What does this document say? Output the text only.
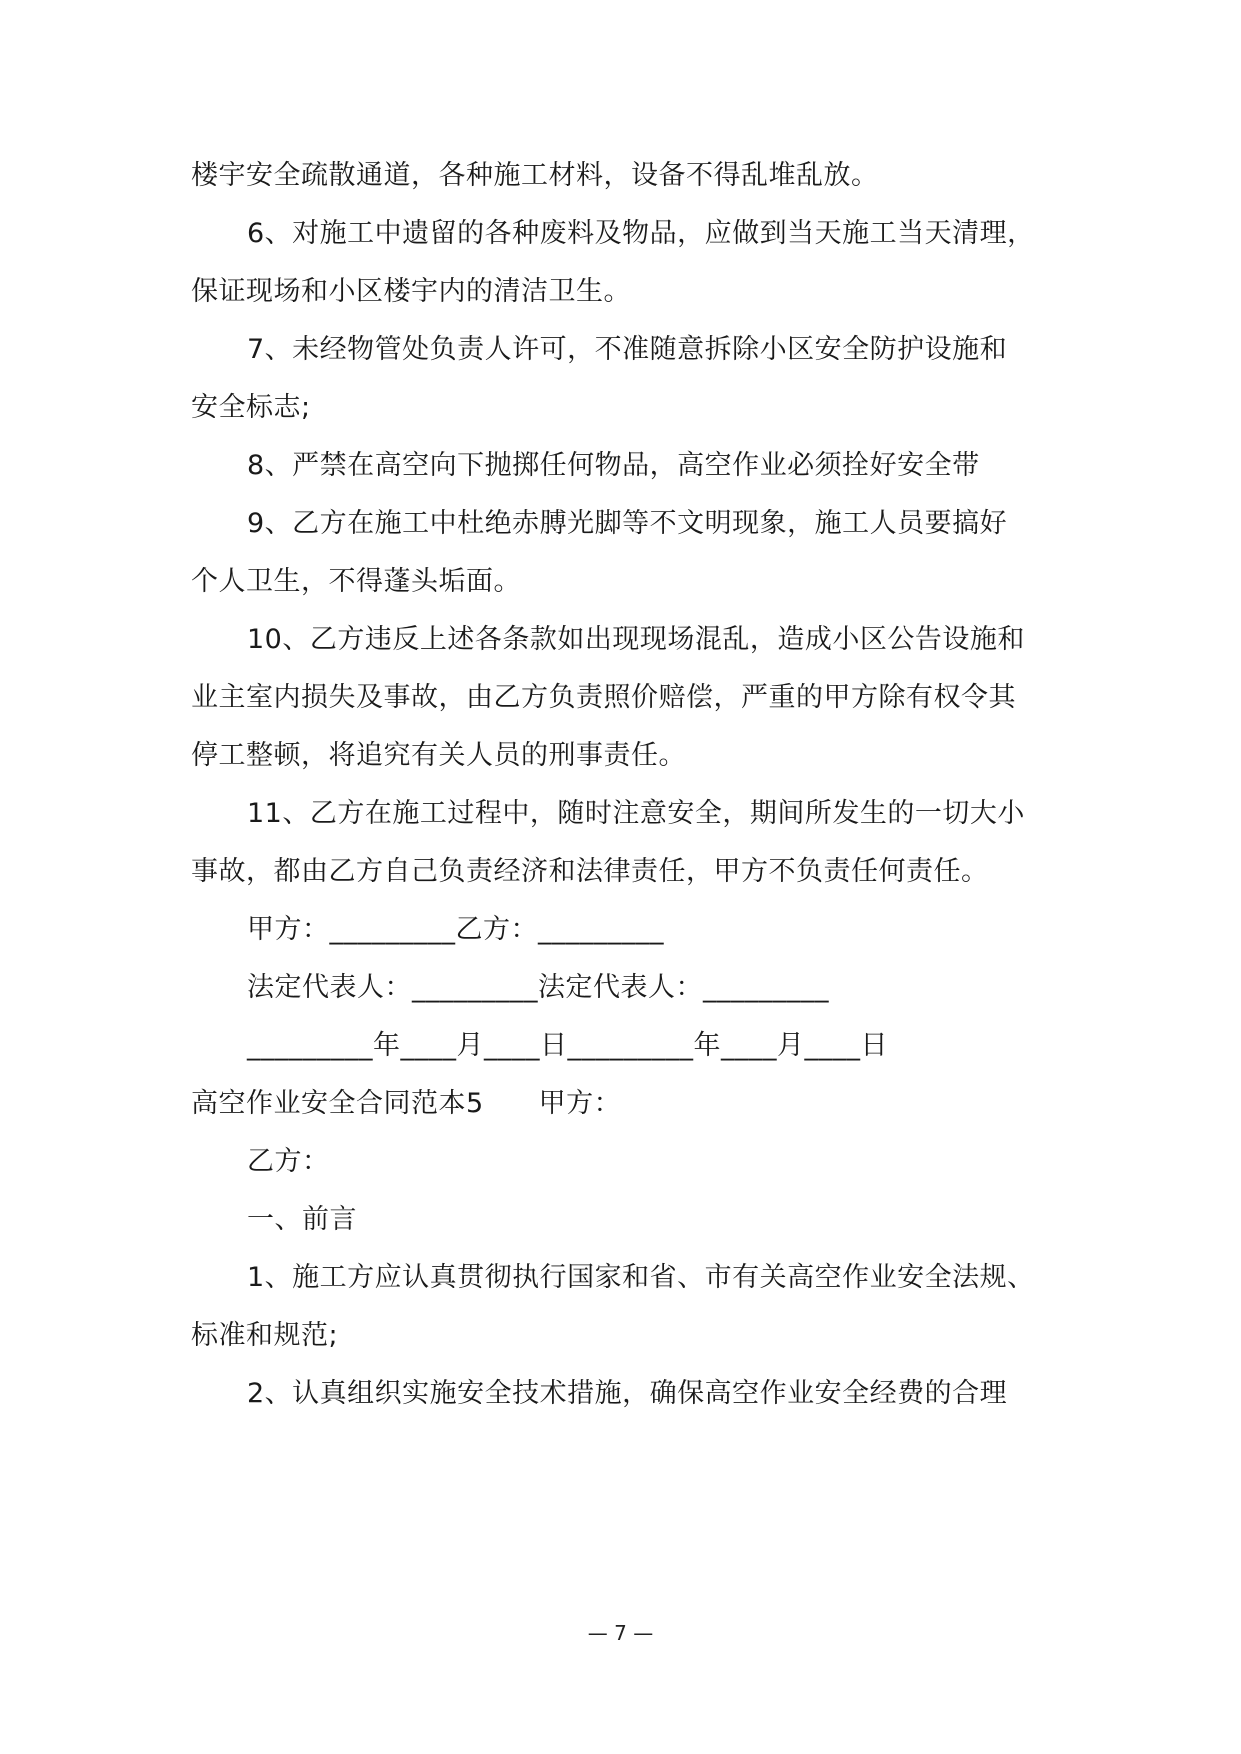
楼宇安全疏散通道，各种施工材料，设备不得乱堆乱放。
6、对施工中遗留的各种废料及物品，应做到当天施工当天清理，
保证现场和小区楼宇内的清洁卫生。
7、未经物管处负责人许可，不准随意拆除小区安全防护设施和
安全标志;
8、严禁在高空向下抛掷任何物品，高空作业必须拴好安全带
9、乙方在施工中杜绝赤膊光脚等不文明现象，施工人员要搞好
个人卫生，不得蓬头垢面。
10、乙方违反上述各条款如出现现场混乱，造成小区公告设施和
业主室内损失及事故，由乙方负责照价赔偿，严重的甲方除有权令其
停工整顿，将追究有关人员的刑事责任。
11、乙方在施工过程中，随时注意安全，期间所发生的一切大小
事故，都由乙方自己负责经济和法律责任，甲方不负责任何责任。
甲方：_________乙方：_________
法定代表人：_________法定代表人：_________
_________年____月____日_________年____月____日
高空作业安全合同范本5　　甲方：
乙方：
一、前言
1、施工方应认真贯彻执行国家和省、市有关高空作业安全法规、
标准和规范;
2、认真组织实施安全技术措施，确保高空作业安全经费的合理
— 7 —
